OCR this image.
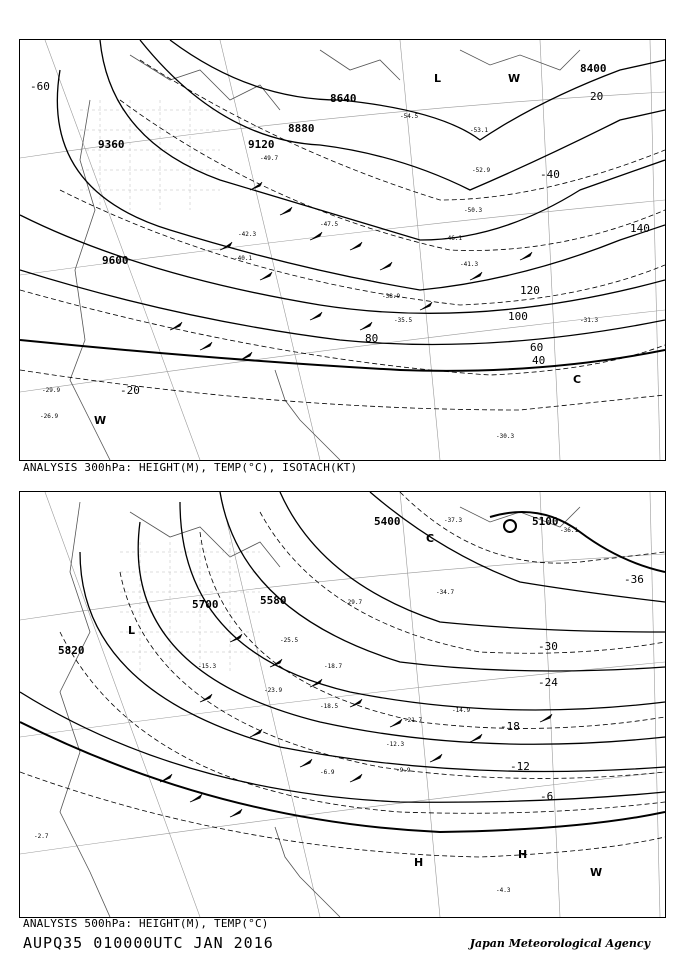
8400
8640
8880
9120
9360
9600
140
120
100
80
60
40
20
-20
-40
-60
L	W
W
C
-54.5
-53.1
-52.9
-50.3
-46.1
-41.3
-38.9
-35.5	-31.3
-30.3
-29.9
-26.9
-40.1
-42.3
-47.5
-49.7
ANALYSIS 300hPa: HEIGHT(M), TEMP(°C), ISOTACH(KT)
5100
5400
5580
5700
5820
-36
-30
-24
-18
-12
-6
C
L
H
H
W
-37.3
-36.1
-34.7
-29.7
-25.5
-21.7
-18.5
-14.9
-12.3
-9.9
-6.9
-4.3
-2.7
-15.3	-18.7
-23.9
ANALYSIS 500hPa: HEIGHT(M), TEMP(°C)
AUPQ35 010000UTC JAN 2016	Japan Meteorological Agency
